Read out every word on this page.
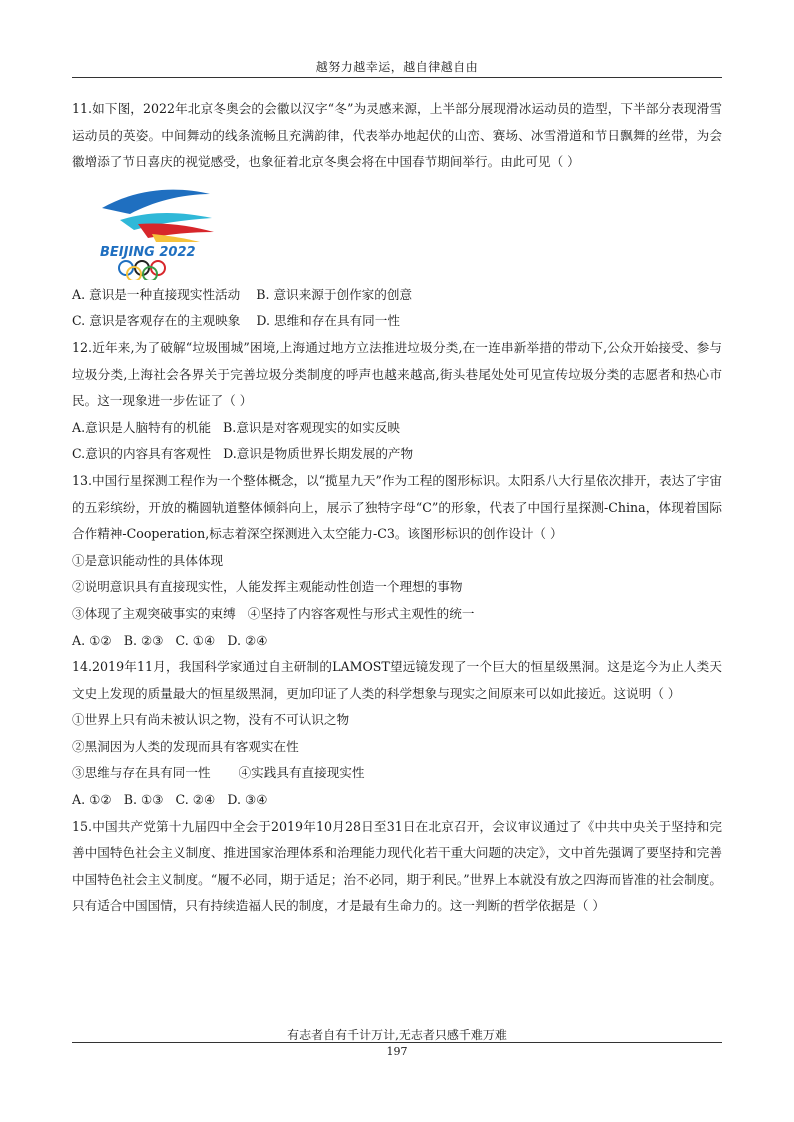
越努力越幸运，越自律越自由

11.如下图，2022年北京冬奥会的会徽以汉字“冬”为灵感来源，上半部分展现滑冰运动员的造型，下半部分表现滑雪运动员的英姿。中间舞动的线条流畅且充满韵律，代表举办地起伏的山峦、赛场、冰雪滑道和节日飘舞的丝带，为会徽增添了节日喜庆的视觉感受，也象征着北京冬奥会将在中国春节期间举行。由此可见（ ）

BEIJING 2022

A. 意识是一种直接现实性活动    B. 意识来源于创作家的创意

C. 意识是客观存在的主观映象    D. 思维和存在具有同一性

12.近年来,为了破解“垃圾围城”困境,上海通过地方立法推进垃圾分类,在一连串新举措的带动下,公众开始接受、参与垃圾分类,上海社会各界关于完善垃圾分类制度的呼声也越来越高,街头巷尾处处可见宣传垃圾分类的志愿者和热心市民。这一现象进一步佐证了（ ）

A.意识是人脑特有的机能   B.意识是对客观现实的如实反映

C.意识的内容具有客观性   D.意识是物质世界长期发展的产物

13.中国行星探测工程作为一个整体概念，以“揽星九天”作为工程的图形标识。太阳系八大行星依次排开，表达了宇宙的五彩缤纷，开放的椭圆轨道整体倾斜向上，展示了独特字母“C”的形象，代表了中国行星探测-China，体现着国际合作精神-Cooperation,标志着深空探测进入太空能力-C3。该图形标识的创作设计（ ）

①是意识能动性的具体体现

②说明意识具有直接现实性，人能发挥主观能动性创造一个理想的事物

③体现了主观突破事实的束缚   ④坚持了内容客观性与形式主观性的统一

A. ①②   B. ②③   C. ①④   D. ②④

14.2019年11月，我国科学家通过自主研制的LAMOST望远镜发现了一个巨大的恒星级黑洞。这是迄今为止人类天文史上发现的质量最大的恒星级黑洞，更加印证了人类的科学想象与现实之间原来可以如此接近。这说明（ ）

①世界上只有尚未被认识之物，没有不可认识之物

②黑洞因为人类的发现而具有客观实在性

③思维与存在具有同一性       ④实践具有直接现实性

A. ①②   B. ①③   C. ②④   D. ③④

15.中国共产党第十九届四中全会于2019年10月28日至31日在北京召开，会议审议通过了《中共中央关于坚持和完善中国特色社会主义制度、推进国家治理体系和治理能力现代化若干重大问题的决定》，文中首先强调了要坚持和完善中国特色社会主义制度。“履不必同，期于适足；治不必同，期于利民。”世界上本就没有放之四海而皆准的社会制度。只有适合中国国情，只有持续造福人民的制度，才是最有生命力的。这一判断的哲学依据是（ ）

有志者自有千计万计,无志者只感千难万难
197
